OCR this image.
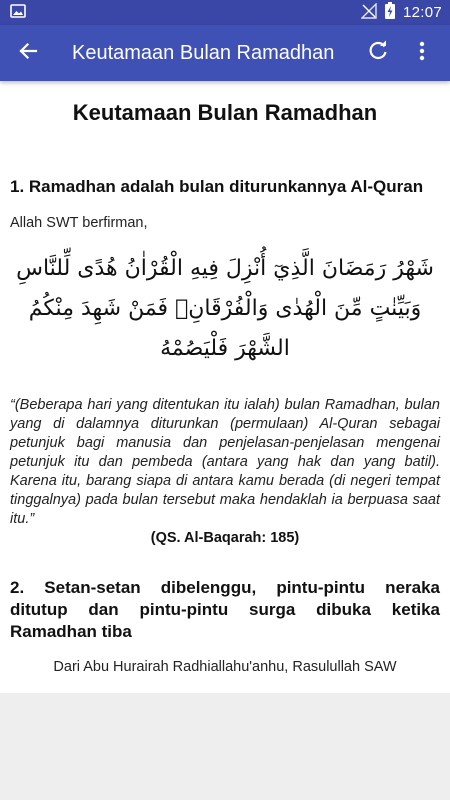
12:07
Keutamaan Bulan Ramadhan
Keutamaan Bulan Ramadhan
1. Ramadhan adalah bulan diturunkannya Al-Quran

Allah SWT berfirman,

شَهْرُ رَمَضَانَ الَّذِيٓ أُنْزِلَ فِيهِ الْقُرْاٰنُ هُدًى لِّلنَّاسِ وَبَيِّنٰتٍ مِّنَ الْهُدٰى وَالْفُرْقَانِۚ فَمَنْ شَهِدَ مِنْكُمُ الشَّهْرَ فَلْيَصُمْهُ

“(Beberapa hari yang ditentukan itu ialah) bulan Ramadhan, bulan yang di dalamnya diturunkan (permulaan) Al-Quran sebagai petunjuk bagi manusia dan penjelasan-penjelasan mengenai petunjuk itu dan pembeda (antara yang hak dan yang batil). Karena itu, barang siapa di antara kamu berada (di negeri tempat tinggalnya) pada bulan tersebut maka hendaklah ia berpuasa saat itu.”

(QS. Al-Baqarah: 185)

2. Setan-setan dibelenggu, pintu-pintu neraka ditutup dan pintu-pintu surga dibuka ketika Ramadhan tiba

Dari Abu Hurairah Radhiallahu'anhu, Rasulullah SAW
